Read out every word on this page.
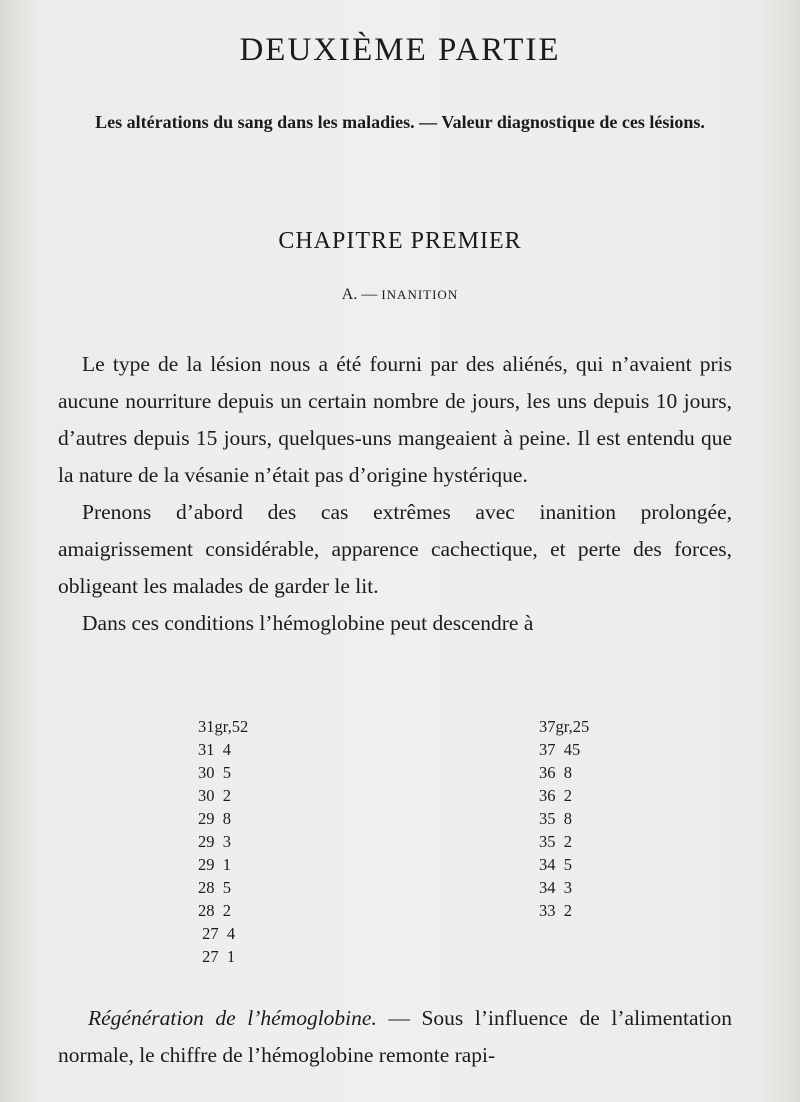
DEUXIÈME PARTIE
Les altérations du sang dans les maladies. — Valeur diagnostique de ces lésions.
CHAPITRE PREMIER
A. — INANITION

Le type de la lésion nous a été fourni par des aliénés, qui n’avaient pris aucune nourriture depuis un certain nombre de jours, les uns depuis 10 jours, d’autres depuis 15 jours, quelques-uns mangeaient à peine. Il est entendu que la nature de la vésanie n’était pas d’origine hystérique.

Prenons d’abord des cas extrêmes avec inanition prolongée, amaigrissement considérable, apparence cachectique, et perte des forces, obligeant les malades de garder le lit.

Dans ces conditions l’hémoglobine peut descendre à

31gr,52
31  4
30  5
30  2
29  8
29  3
29  1
28  5
28  2
27  4
27  1
37gr,25
37  45
36  8
36  2
35  8
35  2
34  5
34  3
33  2
Régénération de l’hémoglobine. — Sous l’influence de l’alimentation normale, le chiffre de l’hémoglobine remonte rapi-
